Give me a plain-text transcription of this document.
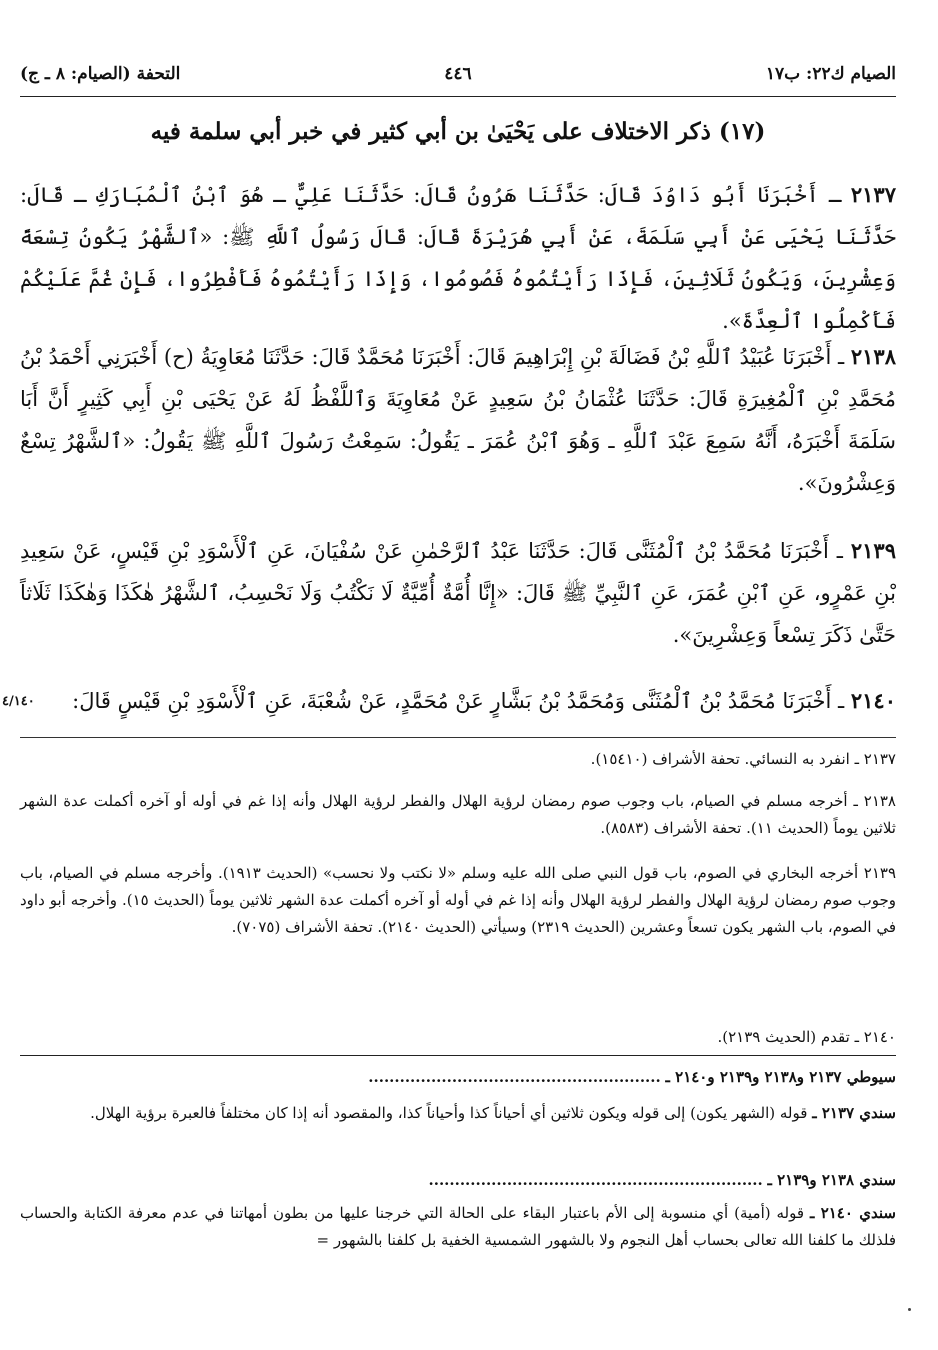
الصيام ك٢٢: ب١٧
٤٤٦
التحفة (الصيام: ٨ ـ ج)
(١٧) ذكر الاختلاف على يَحْيَىٰ بن أبي كثير في خبر أبي سلمة فيه
٢١٣٧ ـ أَخْبَرَنَا أَبُو دَاوُدَ قَالَ: حَدَّثَنَا هَرُونُ قَالَ: حَدَّثَنَا عَلِيٌّ ـ هُوَ ٱبْنُ ٱلْمُبَارَكِ ـ قَالَ: حَدَّثَنَا يَحْيَى عَنْ أَبِي سَلَمَةَ، عَنْ أَبِي هُرَيْرَةَ قَالَ: قَالَ رَسُولُ ٱللَّهِ ﷺ: «ٱلشَّهْرُ يَكُونُ تِسْعَةً وَعِشْرِينَ، وَيَكُونُ ثَلَاثِينَ، فَإِذَا رَأَيْتُمُوهُ فَصُومُوا، وَإِذَا رَأَيْتُمُوهُ فَأَفْطِرُوا، فَإِنْ غُمَّ عَلَيْكُمْ فَأَكْمِلُوا ٱلْعِدَّةَ».
٢١٣٨ ـ أَخْبَرَنَا عُبَيْدُ ٱللَّهِ بْنُ فَضَالَةَ بْنِ إِبْرَاهِيمَ قَالَ: أَخْبَرَنَا مُحَمَّدٌ قَالَ: حَدَّثَنَا مُعَاوِيَةُ (ح) أَخْبَرَنِي أَحْمَدُ بْنُ مُحَمَّدِ بْنِ ٱلْمُغِيرَةِ قَالَ: حَدَّثَنَا عُثْمَانُ بْنُ سَعِيدٍ عَنْ مُعَاوِيَةَ وَٱللَّفْظُ لَهُ عَنْ يَحْيَى بْنِ أَبِي كَثِيرٍ أَنَّ أَبَا سَلَمَةَ أَخْبَرَهُ، أَنَّهُ سَمِعَ عَبْدَ ٱللَّهِ ـ وَهُوَ ٱبْنُ عُمَرَ ـ يَقُولُ: سَمِعْتُ رَسُولَ ٱللَّهِ ﷺ يَقُولُ: «ٱلشَّهْرُ تِسْعٌ وَعِشْرُونَ».
٢١٣٩ ـ أَخْبَرَنَا مُحَمَّدُ بْنُ ٱلْمُثَنَّى قَالَ: حَدَّثَنَا عَبْدُ ٱلرَّحْمٰنِ عَنْ سُفْيَانَ، عَنِ ٱلْأَسْوَدِ بْنِ قَيْسٍ، عَنْ سَعِيدِ بْنِ عَمْرٍو، عَنِ ٱبْنِ عُمَرَ، عَنِ ٱلنَّبِيِّ ﷺ قَالَ: «إِنَّا أُمَّةٌ أُمِّيَّةٌ لَا نَكْتُبُ وَلَا نَحْسِبُ، ٱلشَّهْرُ هٰكَذَا وَهٰكَذَا ثَلَاثاً حَتَّىٰ ذَكَرَ تِسْعاً وَعِشْرِينَ».
٢١٤٠ ـ أَخْبَرَنَا مُحَمَّدُ بْنُ ٱلْمُثَنَّى وَمُحَمَّدُ بْنُ بَشَّارٍ عَنْ مُحَمَّدٍ، عَنْ شُعْبَةَ، عَنِ ٱلْأَسْوَدِ بْنِ قَيْسٍ قَالَ:
٤/١٤٠
٢١٣٧ ـ انفرد به النسائي. تحفة الأشراف (١٥٤١٠).
٢١٣٨ ـ أخرجه مسلم في الصيام، باب وجوب صوم رمضان لرؤية الهلال والفطر لرؤية الهلال وأنه إذا غم في أوله أو آخره أكملت عدة الشهر ثلاثين يوماً (الحديث ١١). تحفة الأشراف (٨٥٨٣).
٢١٣٩ أخرجه البخاري في الصوم، باب قول النبي صلى الله عليه وسلم «لا نكتب ولا نحسب» (الحديث ١٩١٣). وأخرجه مسلم في الصيام، باب وجوب صوم رمضان لرؤية الهلال والفطر لرؤية الهلال وأنه إذا غم في أوله أو آخره أكملت عدة الشهر ثلاثين يوماً (الحديث ١٥). وأخرجه أبو داود في الصوم، باب الشهر يكون تسعاً وعشرين (الحديث ٢٣١٩) وسيأتي (الحديث ٢١٤٠). تحفة الأشراف (٧٠٧٥).
٢١٤٠ ـ تقدم (الحديث ٢١٣٩).
سيوطي ٢١٣٧ و٢١٣٨ و٢١٣٩ و٢١٤٠ ـ ........................................................
سندي ٢١٣٧ ـ قوله (الشهر يكون) إلى قوله ويكون ثلاثين أي أحياناً كذا وأحياناً كذا، والمقصود أنه إذا كان مختلفاً فالعبرة برؤية الهلال.
سندي ٢١٣٨ و٢١٣٩ ـ ................................................................
سندي ٢١٤٠ ـ قوله (أمية) أي منسوبة إلى الأم باعتبار البقاء على الحالة التي خرجنا عليها من بطون أمهاتنا في عدم معرفة الكتابة والحساب فلذلك ما كلفنا الله تعالى بحساب أهل النجوم ولا بالشهور الشمسية الخفية بل كلفنا بالشهور =
